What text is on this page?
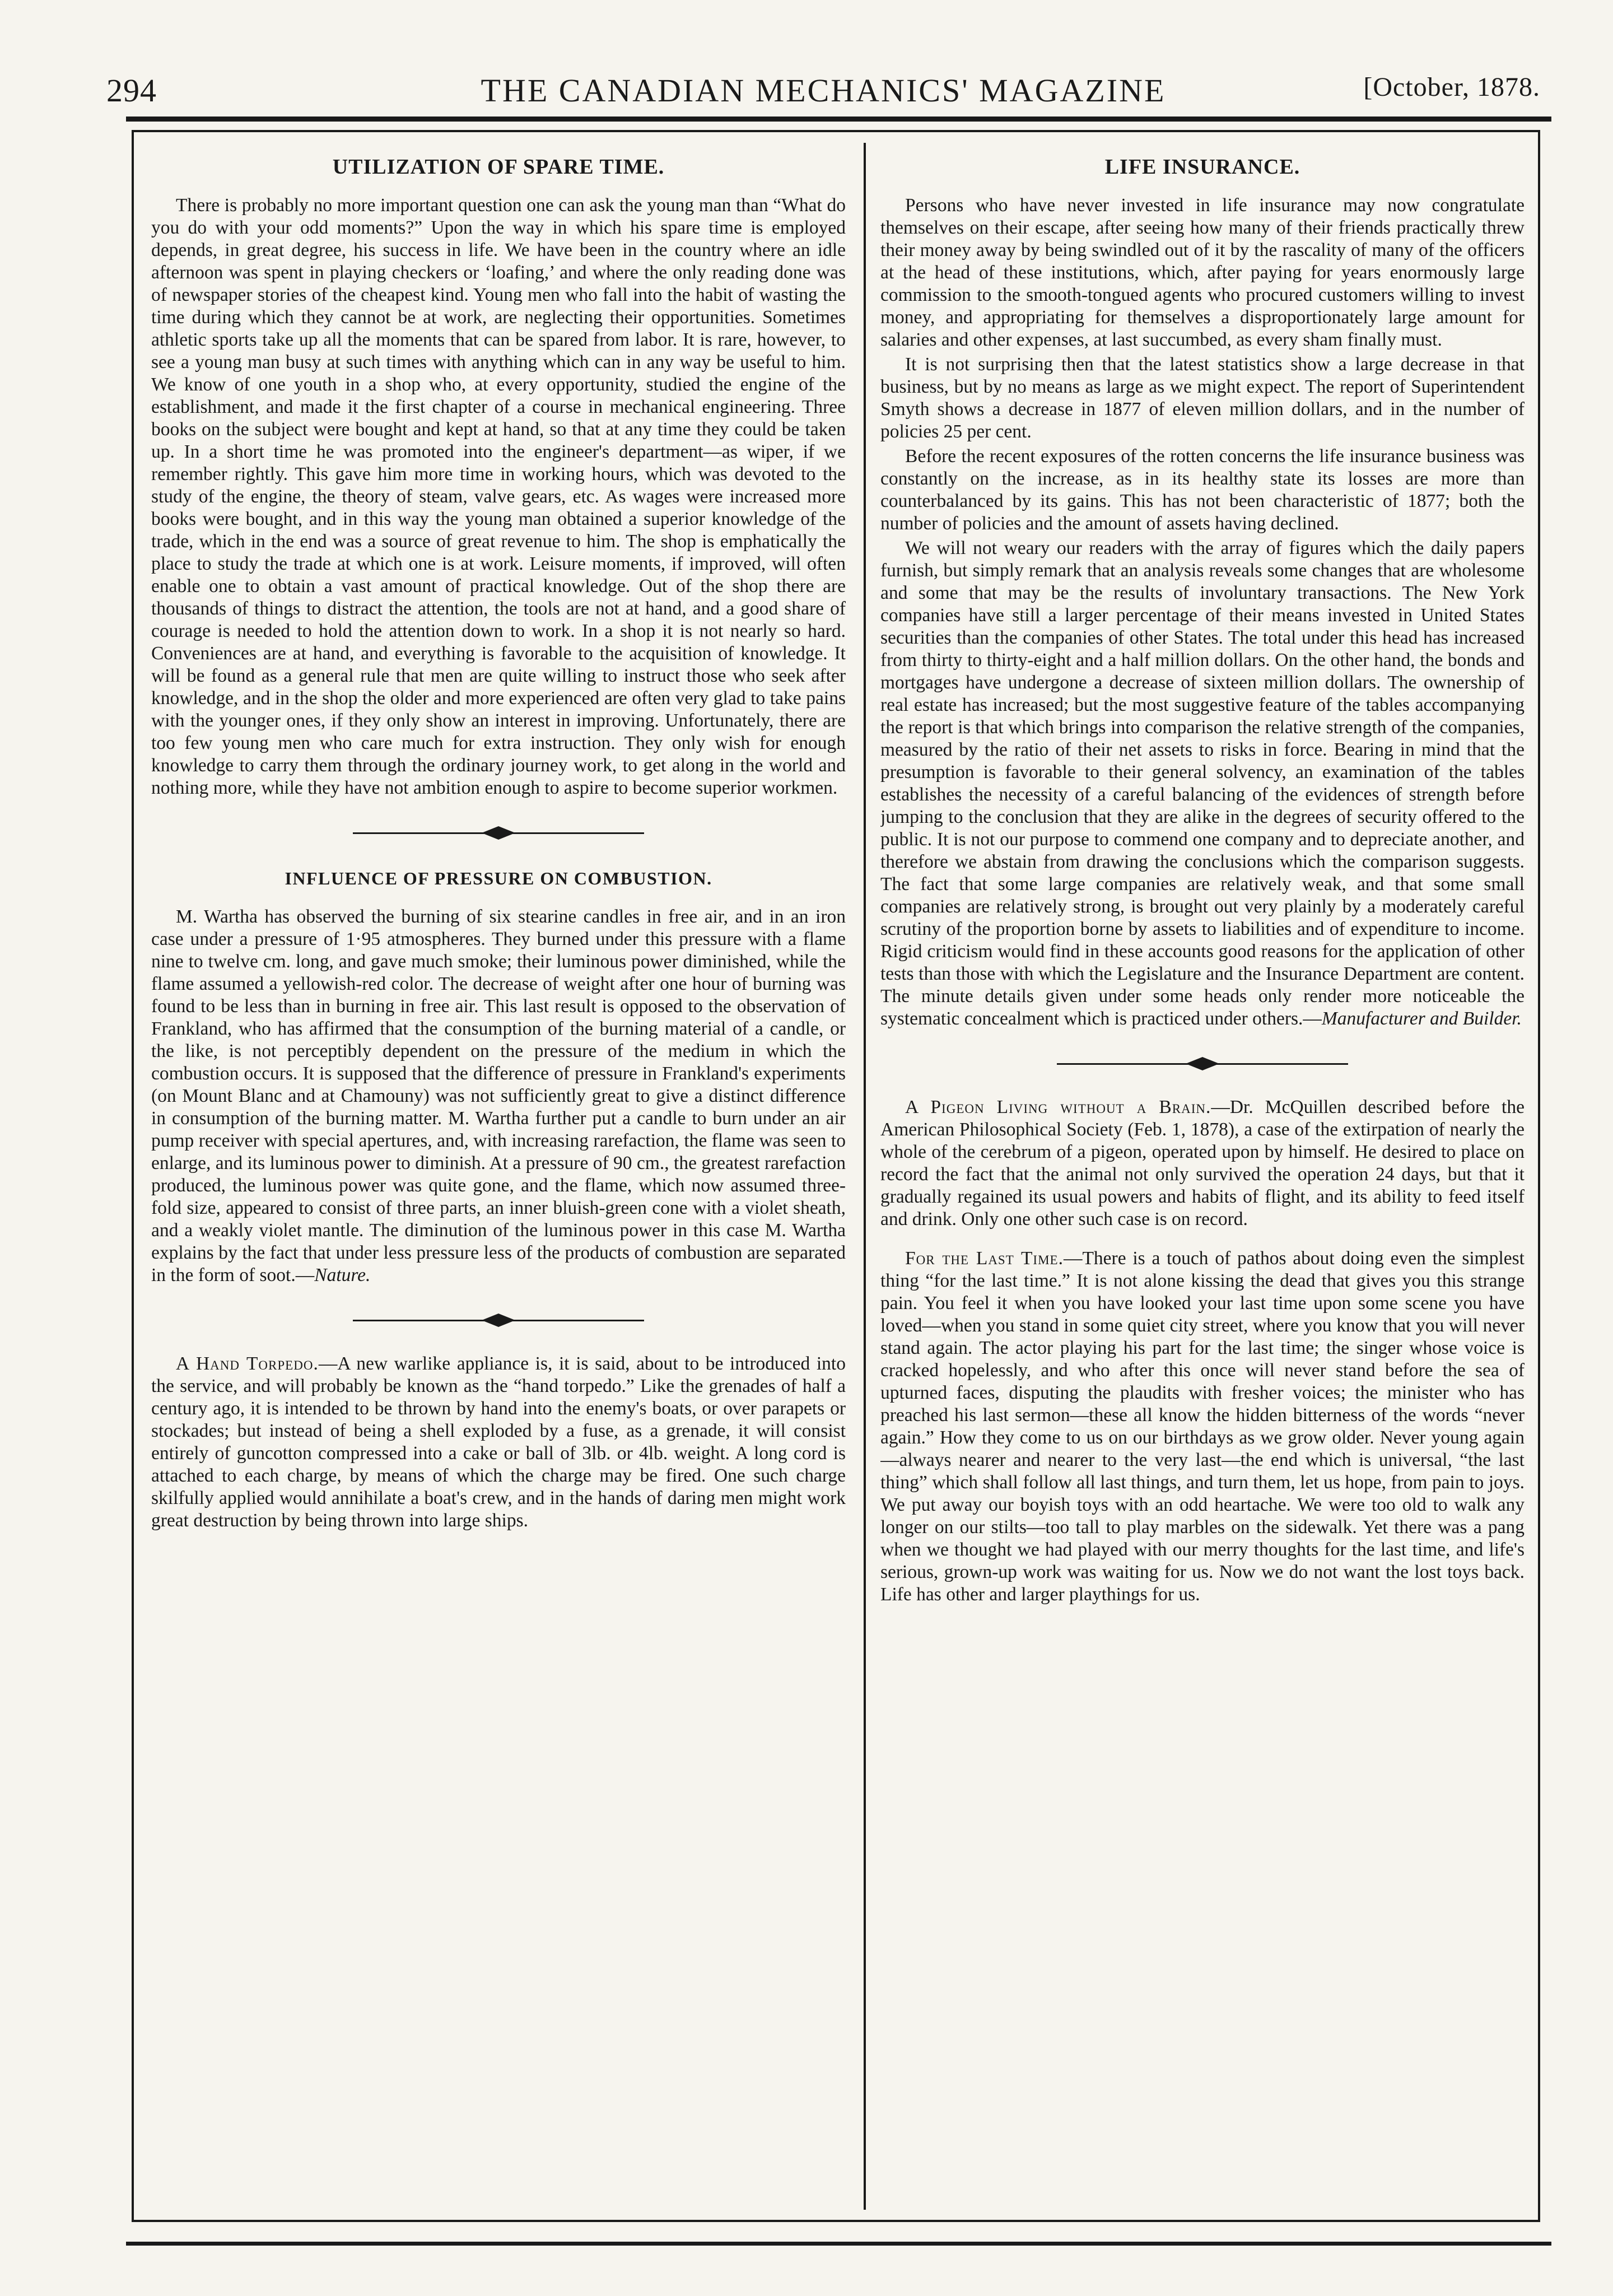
294	THE CANADIAN MECHANICS' MAGAZINE	[October, 1878.
UTILIZATION OF SPARE TIME.

There is probably no more important question one can ask the young man than “What do you do with your odd moments?” Upon the way in which his spare time is employed depends, in great degree, his success in life. We have been in the country where an idle afternoon was spent in playing checkers or ‘loafing,’ and where the only reading done was of newspaper stories of the cheapest kind. Young men who fall into the habit of wasting the time during which they cannot be at work, are neglecting their opportunities. Sometimes athletic sports take up all the moments that can be spared from labor. It is rare, however, to see a young man busy at such times with anything which can in any way be useful to him. We know of one youth in a shop who, at every opportunity, studied the engine of the establishment, and made it the first chapter of a course in mechanical engineering. Three books on the subject were bought and kept at hand, so that at any time they could be taken up. In a short time he was promoted into the engineer's department—as wiper, if we remember rightly. This gave him more time in working hours, which was devoted to the study of the engine, the theory of steam, valve gears, etc. As wages were increased more books were bought, and in this way the young man obtained a superior knowledge of the trade, which in the end was a source of great revenue to him. The shop is emphatically the place to study the trade at which one is at work. Leisure moments, if improved, will often enable one to obtain a vast amount of practical knowledge. Out of the shop there are thousands of things to distract the attention, the tools are not at hand, and a good share of courage is needed to hold the attention down to work. In a shop it is not nearly so hard. Conveniences are at hand, and everything is favorable to the acquisition of knowledge. It will be found as a general rule that men are quite willing to instruct those who seek after knowledge, and in the shop the older and more experienced are often very glad to take pains with the younger ones, if they only show an interest in improving. Unfortunately, there are too few young men who care much for extra instruction. They only wish for enough knowledge to carry them through the ordinary journey work, to get along in the world and nothing more, while they have not ambition enough to aspire to become superior workmen.

INFLUENCE OF PRESSURE ON COMBUSTION.

M. Wartha has observed the burning of six stearine candles in free air, and in an iron case under a pressure of 1·95 atmospheres. They burned under this pressure with a flame nine to twelve cm. long, and gave much smoke; their luminous power diminished, while the flame assumed a yellowish-red color. The decrease of weight after one hour of burning was found to be less than in burning in free air. This last result is opposed to the observation of Frankland, who has affirmed that the consumption of the burning material of a candle, or the like, is not perceptibly dependent on the pressure of the medium in which the combustion occurs. It is supposed that the difference of pressure in Frankland's experiments (on Mount Blanc and at Chamouny) was not sufficiently great to give a distinct difference in consumption of the burning matter. M. Wartha further put a candle to burn under an air pump receiver with special apertures, and, with increasing rarefaction, the flame was seen to enlarge, and its luminous power to diminish. At a pressure of 90 cm., the greatest rarefaction produced, the luminous power was quite gone, and the flame, which now assumed three-fold size, appeared to consist of three parts, an inner bluish-green cone with a violet sheath, and a weakly violet mantle. The diminution of the luminous power in this case M. Wartha explains by the fact that under less pressure less of the products of combustion are separated in the form of soot.—Nature.

A Hand Torpedo.—A new warlike appliance is, it is said, about to be introduced into the service, and will probably be known as the “hand torpedo.” Like the grenades of half a century ago, it is intended to be thrown by hand into the enemy's boats, or over parapets or stockades; but instead of being a shell exploded by a fuse, as a grenade, it will consist entirely of guncotton compressed into a cake or ball of 3lb. or 4lb. weight. A long cord is attached to each charge, by means of which the charge may be fired. One such charge skilfully applied would annihilate a boat's crew, and in the hands of daring men might work great destruction by being thrown into large ships.

LIFE INSURANCE.

Persons who have never invested in life insurance may now congratulate themselves on their escape, after seeing how many of their friends practically threw their money away by being swindled out of it by the rascality of many of the officers at the head of these institutions, which, after paying for years enormously large commission to the smooth-tongued agents who procured customers willing to invest money, and appropriating for themselves a disproportionately large amount for salaries and other expenses, at last succumbed, as every sham finally must.

It is not surprising then that the latest statistics show a large decrease in that business, but by no means as large as we might expect. The report of Superintendent Smyth shows a decrease in 1877 of eleven million dollars, and in the number of policies 25 per cent.

Before the recent exposures of the rotten concerns the life insurance business was constantly on the increase, as in its healthy state its losses are more than counterbalanced by its gains. This has not been characteristic of 1877; both the number of policies and the amount of assets having declined.

We will not weary our readers with the array of figures which the daily papers furnish, but simply remark that an analysis reveals some changes that are wholesome and some that may be the results of involuntary transactions. The New York companies have still a larger percentage of their means invested in United States securities than the companies of other States. The total under this head has increased from thirty to thirty-eight and a half million dollars. On the other hand, the bonds and mortgages have undergone a decrease of sixteen million dollars. The ownership of real estate has increased; but the most suggestive feature of the tables accompanying the report is that which brings into comparison the relative strength of the companies, measured by the ratio of their net assets to risks in force. Bearing in mind that the presumption is favorable to their general solvency, an examination of the tables establishes the necessity of a careful balancing of the evidences of strength before jumping to the conclusion that they are alike in the degrees of security offered to the public. It is not our purpose to commend one company and to depreciate another, and therefore we abstain from drawing the conclusions which the comparison suggests. The fact that some large companies are relatively weak, and that some small companies are relatively strong, is brought out very plainly by a moderately careful scrutiny of the proportion borne by assets to liabilities and of expenditure to income. Rigid criticism would find in these accounts good reasons for the application of other tests than those with which the Legislature and the Insurance Department are content. The minute details given under some heads only render more noticeable the systematic concealment which is practiced under others.—Manufacturer and Builder.

A Pigeon Living without a Brain.—Dr. McQuillen described before the American Philosophical Society (Feb. 1, 1878), a case of the extirpation of nearly the whole of the cerebrum of a pigeon, operated upon by himself. He desired to place on record the fact that the animal not only survived the operation 24 days, but that it gradually regained its usual powers and habits of flight, and its ability to feed itself and drink. Only one other such case is on record.

For the Last Time.—There is a touch of pathos about doing even the simplest thing “for the last time.” It is not alone kissing the dead that gives you this strange pain. You feel it when you have looked your last time upon some scene you have loved—when you stand in some quiet city street, where you know that you will never stand again. The actor playing his part for the last time; the singer whose voice is cracked hopelessly, and who after this once will never stand before the sea of upturned faces, disputing the plaudits with fresher voices; the minister who has preached his last sermon—these all know the hidden bitterness of the words “never again.” How they come to us on our birthdays as we grow older. Never young again—always nearer and nearer to the very last—the end which is universal, “the last thing” which shall follow all last things, and turn them, let us hope, from pain to joys. We put away our boyish toys with an odd heartache. We were too old to walk any longer on our stilts—too tall to play marbles on the sidewalk. Yet there was a pang when we thought we had played with our merry thoughts for the last time, and life's serious, grown-up work was waiting for us. Now we do not want the lost toys back. Life has other and larger playthings for us.
